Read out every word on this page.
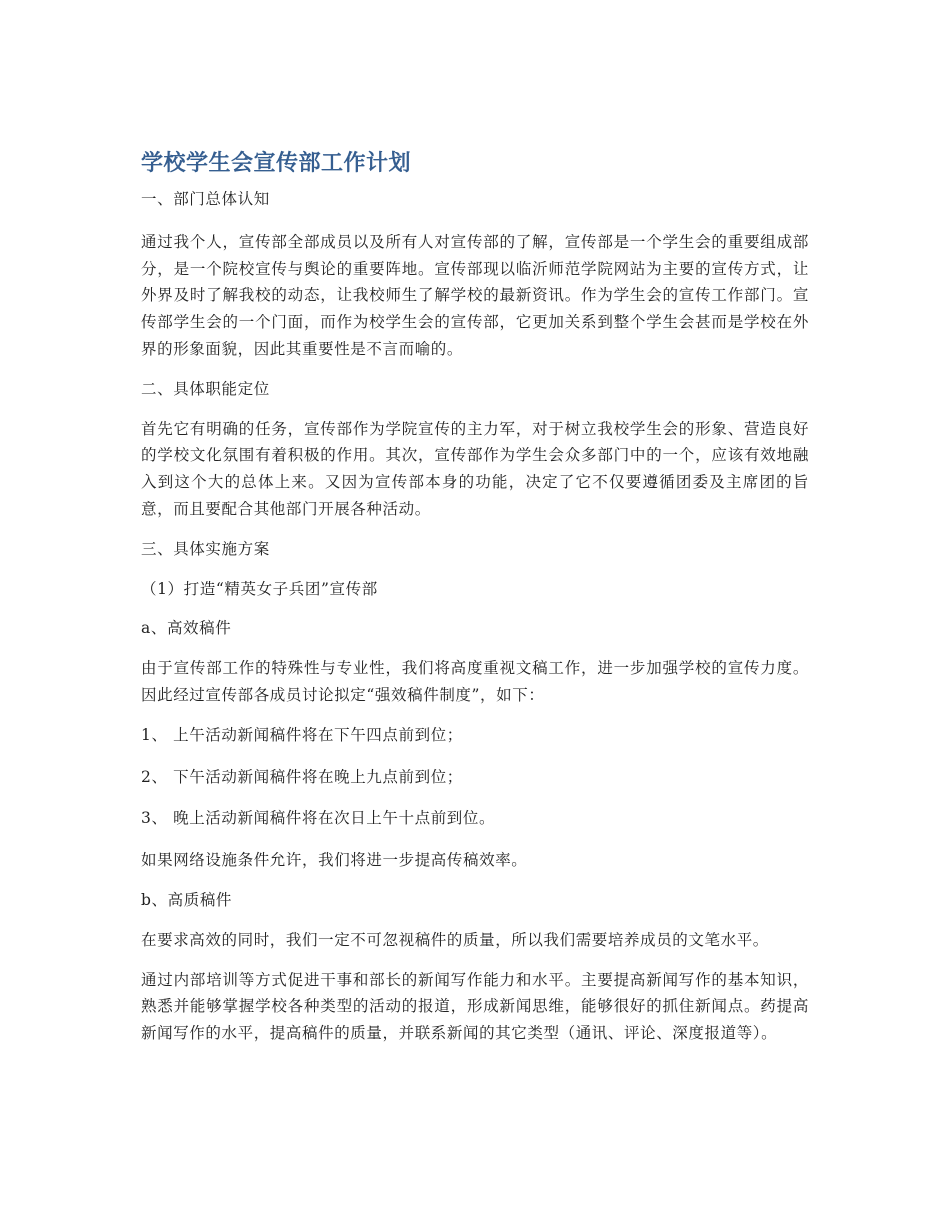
学校学生会宣传部工作计划

一、部门总体认知

通过我个人，宣传部全部成员以及所有人对宣传部的了解，宣传部是一个学生会的重要组成部分，是一个院校宣传与舆论的重要阵地。宣传部现以临沂师范学院网站为主要的宣传方式，让外界及时了解我校的动态，让我校师生了解学校的最新资讯。作为学生会的宣传工作部门。宣传部学生会的一个门面，而作为校学生会的宣传部，它更加关系到整个学生会甚而是学校在外界的形象面貌，因此其重要性是不言而喻的。

二、具体职能定位

首先它有明确的任务，宣传部作为学院宣传的主力军，对于树立我校学生会的形象、营造良好的学校文化氛围有着积极的作用。其次，宣传部作为学生会众多部门中的一个，应该有效地融入到这个大的总体上来。又因为宣传部本身的功能，决定了它不仅要遵循团委及主席团的旨意，而且要配合其他部门开展各种活动。

三、具体实施方案

（1）打造“精英女子兵团”宣传部

a、高效稿件

由于宣传部工作的特殊性与专业性，我们将高度重视文稿工作，进一步加强学校的宣传力度。因此经过宣传部各成员讨论拟定“强效稿件制度”，如下：

1、 上午活动新闻稿件将在下午四点前到位；

2、 下午活动新闻稿件将在晚上九点前到位；

3、 晚上活动新闻稿件将在次日上午十点前到位。

如果网络设施条件允许，我们将进一步提高传稿效率。

b、高质稿件

在要求高效的同时，我们一定不可忽视稿件的质量，所以我们需要培养成员的文笔水平。

通过内部培训等方式促进干事和部长的新闻写作能力和水平。主要提高新闻写作的基本知识，熟悉并能够掌握学校各种类型的活动的报道，形成新闻思维，能够很好的抓住新闻点。药提高新闻写作的水平，提高稿件的质量，并联系新闻的其它类型（通讯、评论、深度报道等）。
